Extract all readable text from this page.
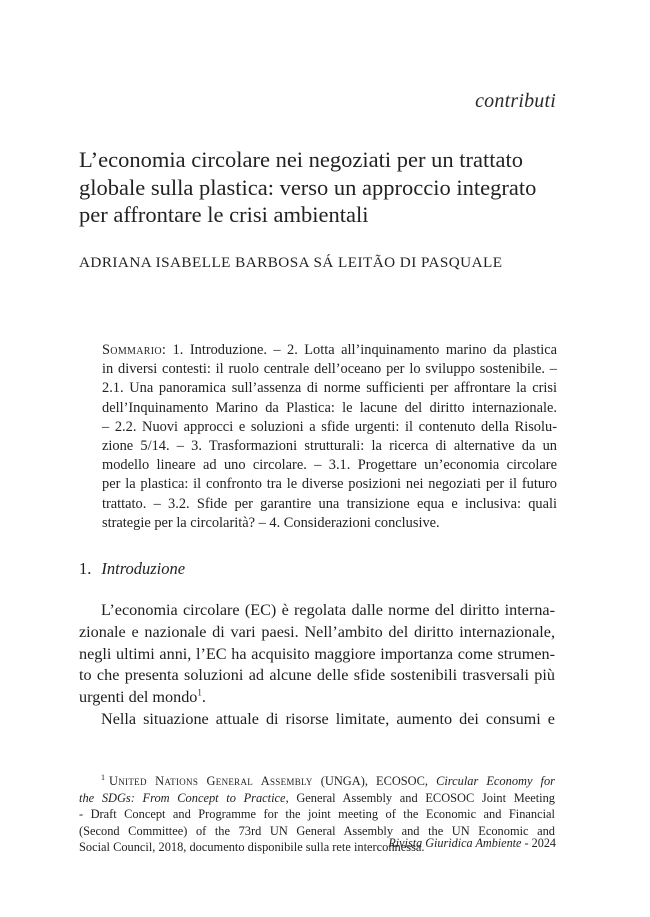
contributi
L’economia circolare nei negoziati per un trattato
globale sulla plastica: verso un approccio integrato
per affrontare le crisi ambientali
ADRIANA ISABELLE BARBOSA SÁ LEITÃO DI PASQUALE
Sommario: 1. Introduzione. – 2. Lotta all’inquinamento marino da plastica
in diversi contesti: il ruolo centrale dell’oceano per lo sviluppo sostenibile. –
2.1. Una panoramica sull’assenza di norme sufficienti per affrontare la crisi
dell’Inquinamento Marino da Plastica: le lacune del diritto internazionale.
– 2.2. Nuovi approcci e soluzioni a sfide urgenti: il contenuto della Risolu-
zione 5/14. – 3. Trasformazioni strutturali: la ricerca di alternative da un
modello lineare ad uno circolare. – 3.1. Progettare un’economia circolare
per la plastica: il confronto tra le diverse posizioni nei negoziati per il futuro
trattato. – 3.2. Sfide per garantire una transizione equa e inclusiva: quali
strategie per la circolarità? – 4. Considerazioni conclusive.
1. Introduzione
L’economia circolare (EC) è regolata dalle norme del diritto interna-
zionale e nazionale di vari paesi. Nell’ambito del diritto internazionale,
negli ultimi anni, l’EC ha acquisito maggiore importanza come strumen-
to che presenta soluzioni ad alcune delle sfide sostenibili trasversali più
urgenti del mondo$^1$.
Nella situazione attuale di risorse limitate, aumento dei consumi e
$^1$ United Nations General Assembly (UNGA), ECOSOC, Circular Economy for
the SDGs: From Concept to Practice, General Assembly and ECOSOC Joint Meeting
- Draft Concept and Programme for the joint meeting of the Economic and Financial
(Second Committee) of the 73rd UN General Assembly and the UN Economic and
Social Council, 2018, documento disponibile sulla rete interconnessa.
Rivista Giuridica Ambiente - 2024
